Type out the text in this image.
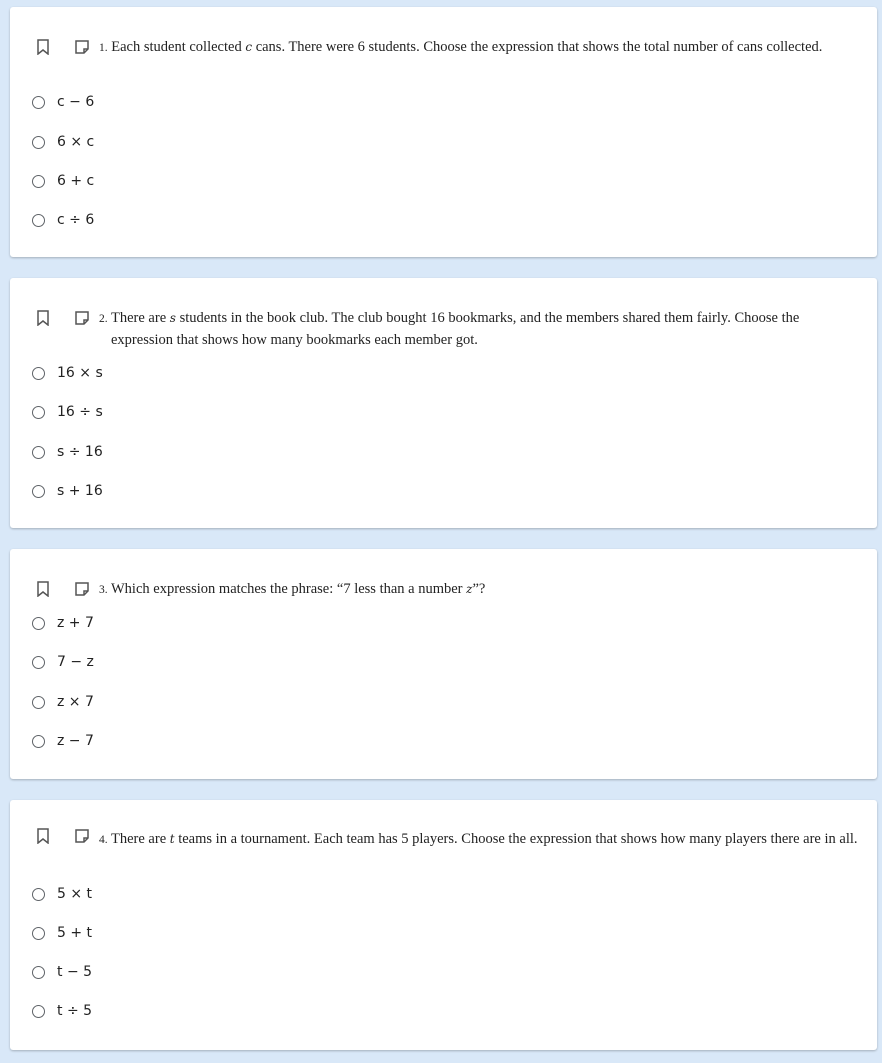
1. Each student collected c cans. There were 6 students. Choose the expression that shows the total number of cans collected.
c − 6
6 × c
6 + c
c ÷ 6
2. There are s students in the book club. The club bought 16 bookmarks, and the members shared them fairly. Choose the expression that shows how many bookmarks each member got.
16 × s
16 ÷ s
s ÷ 16
s + 16
3. Which expression matches the phrase: “7 less than a number z”?
z + 7
7 − z
z × 7
z − 7
4. There are t teams in a tournament. Each team has 5 players. Choose the expression that shows how many players there are in all.
5 × t
5 + t
t − 5
t ÷ 5
